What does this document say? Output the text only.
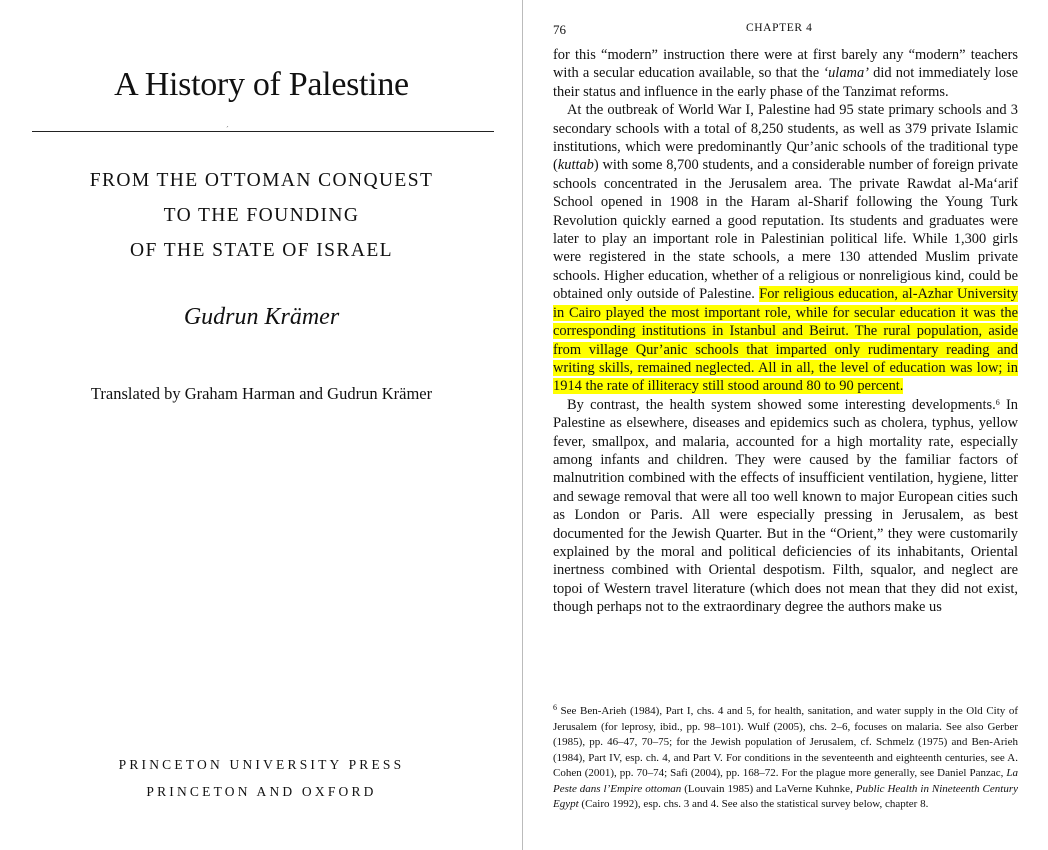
A History of Palestine
´
FROM THE OTTOMAN CONQUEST
TO THE FOUNDING
OF THE STATE OF ISRAEL
Gudrun Krämer
Translated by Graham Harman and Gudrun Krämer
PRINCETON UNIVERSITY PRESS
PRINCETON AND OXFORD
76	CHAPTER 4

for this “modern” instruction there were at first barely any “modern” teachers with a secular education available, so that the ‘ulama’ did not immediately lose their status and influence in the early phase of the Tanzimat reforms.

At the outbreak of World War I, Palestine had 95 state primary schools and 3 secondary schools with a total of 8,250 students, as well as 379 private Islamic institutions, which were predominantly Qur’anic schools of the traditional type (kuttab) with some 8,700 students, and a considerable number of foreign private schools concentrated in the Jerusalem area. The private Rawdat al-Ma‘arif School opened in 1908 in the Haram al-Sharif following the Young Turk Revolution quickly earned a good reputation. Its students and graduates were later to play an important role in Palestinian political life. While 1,300 girls were registered in the state schools, a mere 130 attended Muslim private schools. Higher education, whether of a religious or nonreligious kind, could be obtained only outside of Palestine. For religious education, al-Azhar University in Cairo played the most important role, while for secular education it was the corresponding institutions in Istanbul and Beirut. The rural population, aside from village Qur’anic schools that imparted only rudimentary reading and writing skills, remained neglected. All in all, the level of education was low; in 1914 the rate of illiteracy still stood around 80 to 90 percent.

By contrast, the health system showed some interesting developments.$^6$ In Palestine as elsewhere, diseases and epidemics such as cholera, typhus, yellow fever, smallpox, and malaria, accounted for a high mortality rate, especially among infants and children. They were caused by the familiar factors of malnutrition combined with the effects of insufficient ventilation, hygiene, litter and sewage removal that were all too well known to major European cities such as London or Paris. All were especially pressing in Jerusalem, as best documented for the Jewish Quarter. But in the “Orient,” they were customarily explained by the moral and political deficiencies of its inhabitants, Oriental inertness combined with Oriental despotism. Filth, squalor, and neglect are topoi of Western travel literature (which does not mean that they did not exist, though perhaps not to the extraordinary degree the authors make us

$^6$ See Ben-Arieh (1984), Part I, chs. 4 and 5, for health, sanitation, and water supply in the Old City of Jerusalem (for leprosy, ibid., pp. 98–101). Wulf (2005), chs. 2–6, focuses on malaria. See also Gerber (1985), pp. 46–47, 70–75; for the Jewish population of Jerusalem, cf. Schmelz (1975) and Ben-Arieh (1984), Part IV, esp. ch. 4, and Part V. For conditions in the seventeenth and eighteenth centuries, see A. Cohen (2001), pp. 70–74; Safi (2004), pp. 168–72. For the plague more generally, see Daniel Panzac, La Peste dans l’Empire ottoman (Louvain 1985) and LaVerne Kuhnke, Public Health in Nineteenth Century Egypt (Cairo 1992), esp. chs. 3 and 4. See also the statistical survey below, chapter 8.
